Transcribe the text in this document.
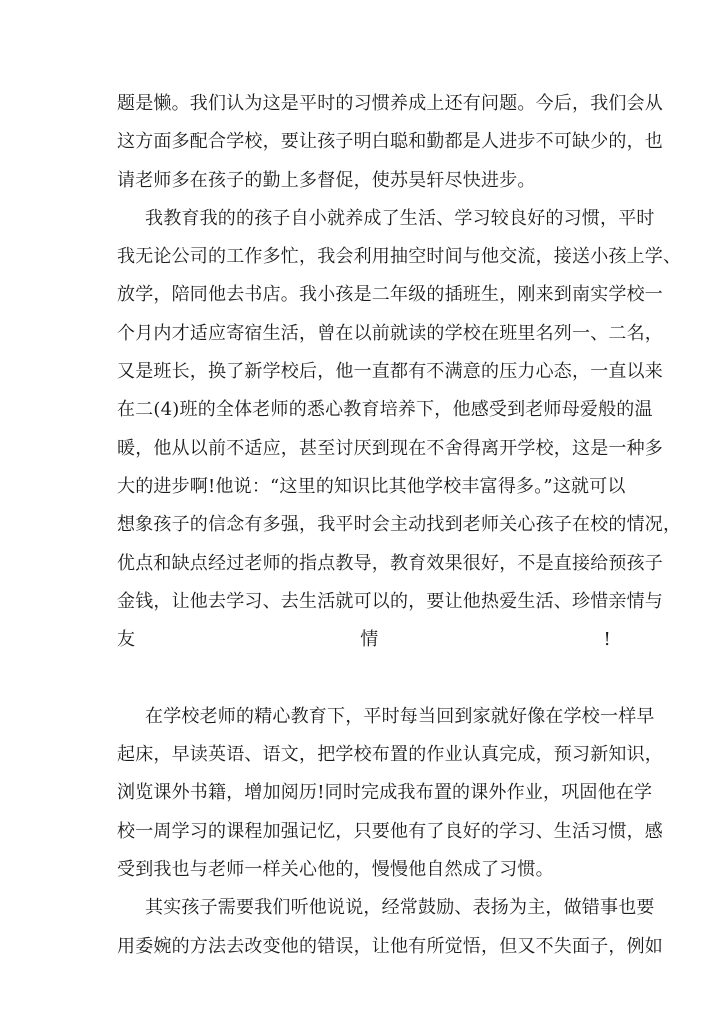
题是懒。我们认为这是平时的习惯养成上还有问题。今后，我们会从
这方面多配合学校，要让孩子明白聪和勤都是人进步不可缺少的，也
请老师多在孩子的勤上多督促，使苏昊轩尽快进步。
我教育我的的孩子自小就养成了生活、学习较良好的习惯，平时
我无论公司的工作多忙，我会利用抽空时间与他交流，接送小孩上学、
放学，陪同他去书店。我小孩是二年级的插班生，刚来到南实学校一
个月内才适应寄宿生活，曾在以前就读的学校在班里名列一、二名，
又是班长，换了新学校后，他一直都有不满意的压力心态，一直以来
在二(4)班的全体老师的悉心教育培养下，他感受到老师母爱般的温
暖，他从以前不适应，甚至讨厌到现在不舍得离开学校，这是一种多
大的进步啊!他说：“这里的知识比其他学校丰富得多。”这就可以
想象孩子的信念有多强，我平时会主动找到老师关心孩子在校的情况，
优点和缺点经过老师的指点教导，教育效果很好，不是直接给预孩子
金钱，让他去学习、去生活就可以的，要让他热爱生活、珍惜亲情与
友情!
在学校老师的精心教育下，平时每当回到家就好像在学校一样早
起床，早读英语、语文，把学校布置的作业认真完成，预习新知识，
浏览课外书籍，增加阅历!同时完成我布置的课外作业，巩固他在学
校一周学习的课程加强记忆，只要他有了良好的学习、生活习惯，感
受到我也与老师一样关心他的，慢慢他自然成了习惯。
其实孩子需要我们听他说说，经常鼓励、表扬为主，做错事也要
用委婉的方法去改变他的错误，让他有所觉悟，但又不失面子，例如
